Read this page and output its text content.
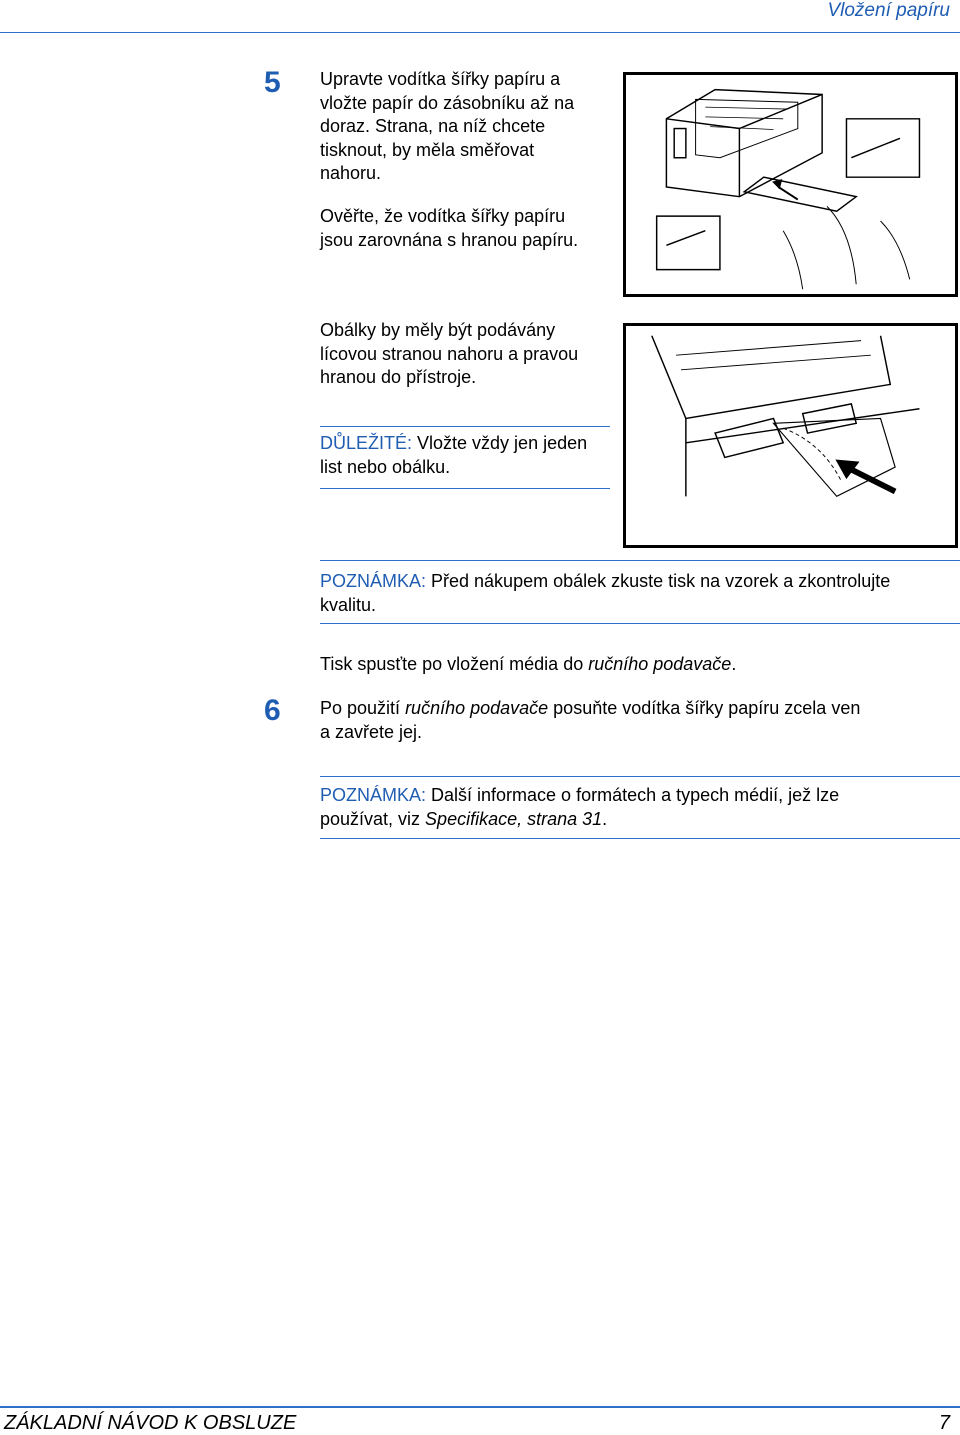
Vložení papíru
5 Upravte vodítka šířky papíru a
vložte papír do zásobníku až na
doraz. Strana, na níž chcete
tisknout, by měla směřovat
nahoru.
Ověřte, že vodítka šířky papíru
jsou zarovnána s hranou papíru.
Obálky by měly být podávány
lícovou stranou nahoru a pravou
hranou do přístroje.
DŮLEŽITÉ: Vložte vždy jen jeden
list nebo obálku.
POZNÁMKA: Před nákupem obálek zkuste tisk na vzorek a zkontrolujte
kvalitu.
Tisk spusťte po vložení média do ručního podavače.
6 Po použití ručního podavače posuňte vodítka šířky papíru zcela ven
a zavřete jej.
POZNÁMKA: Další informace o formátech a typech médií, jež lze
používat, viz Specifikace, strana 31.
ZÁKLADNÍ NÁVOD K OBSLUZE	7
